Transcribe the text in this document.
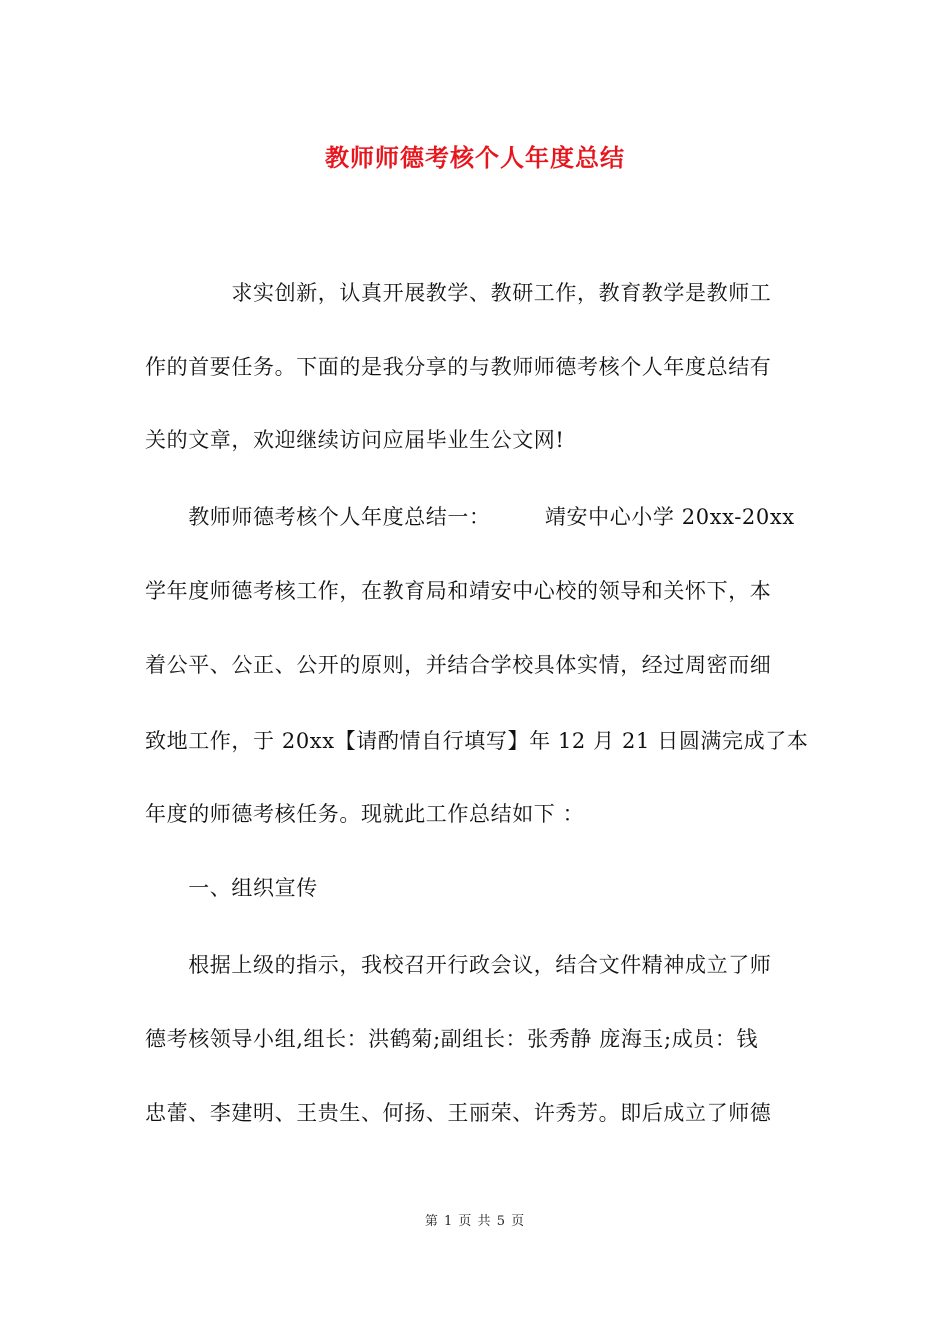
教师师德考核个人年度总结
　　　　求实创新，认真开展教学、教研工作，教育教学是教师工
作的首要任务。下面的是我分享的与教师师德考核个人年度总结有
关的文章，欢迎继续访问应届毕业生公文网!
　　教师师德考核个人年度总结一：　　　靖安中心小学 20xx-20xx
学年度师德考核工作，在教育局和靖安中心校的领导和关怀下，本
着公平、公正、公开的原则，并结合学校具体实情，经过周密而细
致地工作，于 20xx【请酌情自行填写】年 12 月 21 日圆满完成了本
年度的师德考核任务。现就此工作总结如下 ：
　　一、组织宣传
　　根据上级的指示，我校召开行政会议，结合文件精神成立了师
德考核领导小组,组长：洪鹤菊;副组长：张秀静 庞海玉;成员：钱
忠蕾、李建明、王贵生、何扬、王丽荣、许秀芳。即后成立了师德
第 1 页 共 5 页
